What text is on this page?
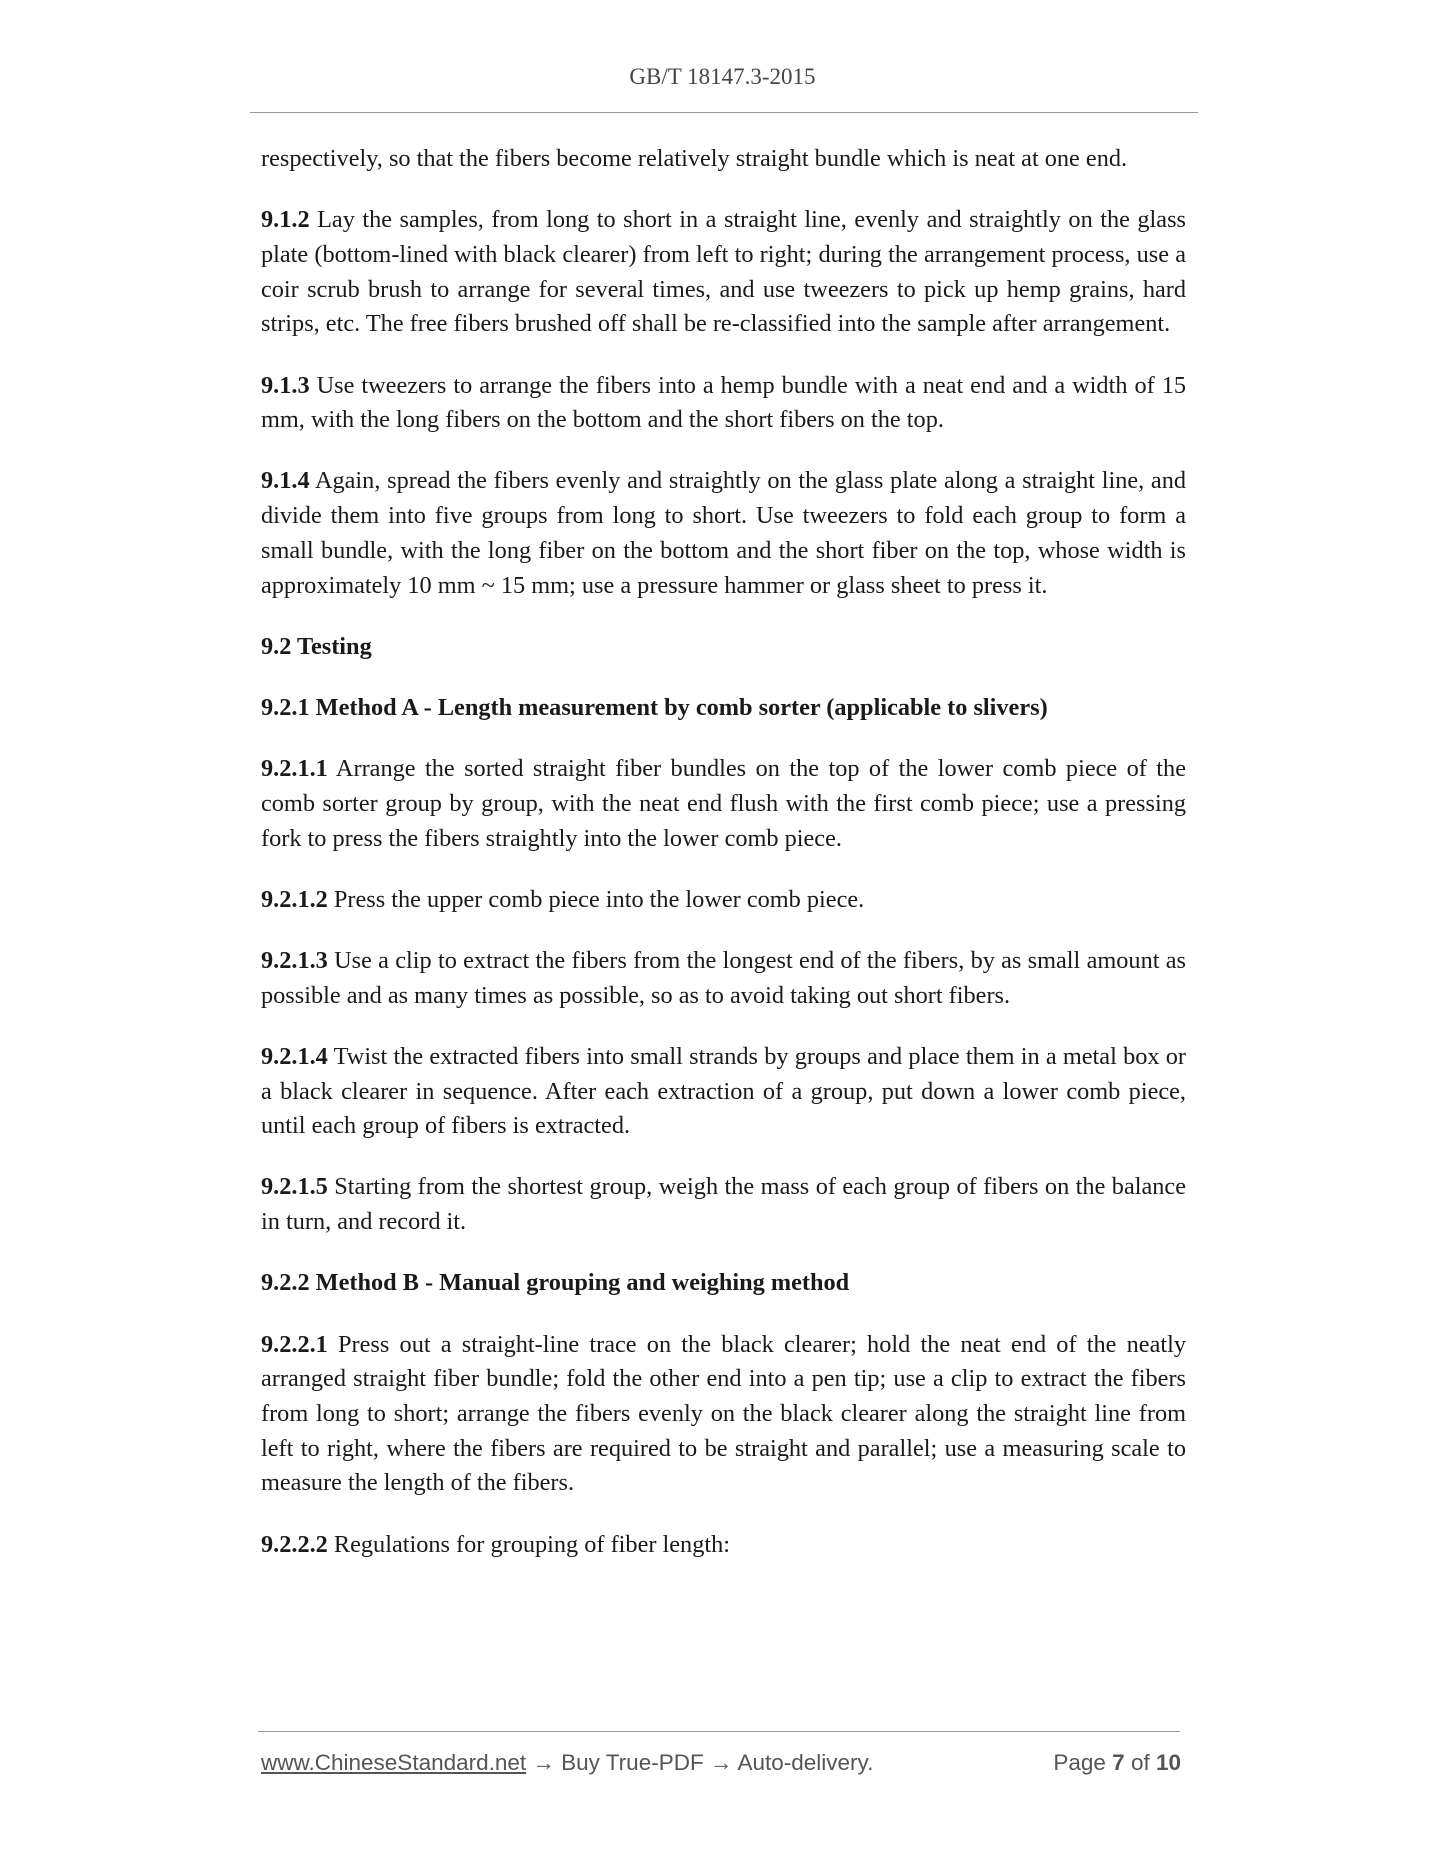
GB/T 18147.3-2015

respectively, so that the fibers become relatively straight bundle which is neat at one end.

9.1.2 Lay the samples, from long to short in a straight line, evenly and straightly on the glass plate (bottom-lined with black clearer) from left to right; during the arrangement process, use a coir scrub brush to arrange for several times, and use tweezers to pick up hemp grains, hard strips, etc. The free fibers brushed off shall be re-classified into the sample after arrangement.

9.1.3 Use tweezers to arrange the fibers into a hemp bundle with a neat end and a width of 15 mm, with the long fibers on the bottom and the short fibers on the top.

9.1.4 Again, spread the fibers evenly and straightly on the glass plate along a straight line, and divide them into five groups from long to short. Use tweezers to fold each group to form a small bundle, with the long fiber on the bottom and the short fiber on the top, whose width is approximately 10 mm ~ 15 mm; use a pressure hammer or glass sheet to press it.

9.2 Testing

9.2.1 Method A - Length measurement by comb sorter (applicable to slivers)

9.2.1.1 Arrange the sorted straight fiber bundles on the top of the lower comb piece of the comb sorter group by group, with the neat end flush with the first comb piece; use a pressing fork to press the fibers straightly into the lower comb piece.

9.2.1.2 Press the upper comb piece into the lower comb piece.

9.2.1.3 Use a clip to extract the fibers from the longest end of the fibers, by as small amount as possible and as many times as possible, so as to avoid taking out short fibers.

9.2.1.4 Twist the extracted fibers into small strands by groups and place them in a metal box or a black clearer in sequence. After each extraction of a group, put down a lower comb piece, until each group of fibers is extracted.

9.2.1.5 Starting from the shortest group, weigh the mass of each group of fibers on the balance in turn, and record it.

9.2.2 Method B - Manual grouping and weighing method

9.2.2.1 Press out a straight-line trace on the black clearer; hold the neat end of the neatly arranged straight fiber bundle; fold the other end into a pen tip; use a clip to extract the fibers from long to short; arrange the fibers evenly on the black clearer along the straight line from left to right, where the fibers are required to be straight and parallel; use a measuring scale to measure the length of the fibers.

9.2.2.2 Regulations for grouping of fiber length:

www.ChineseStandard.net → Buy True-PDF → Auto-delivery.	Page 7 of 10
